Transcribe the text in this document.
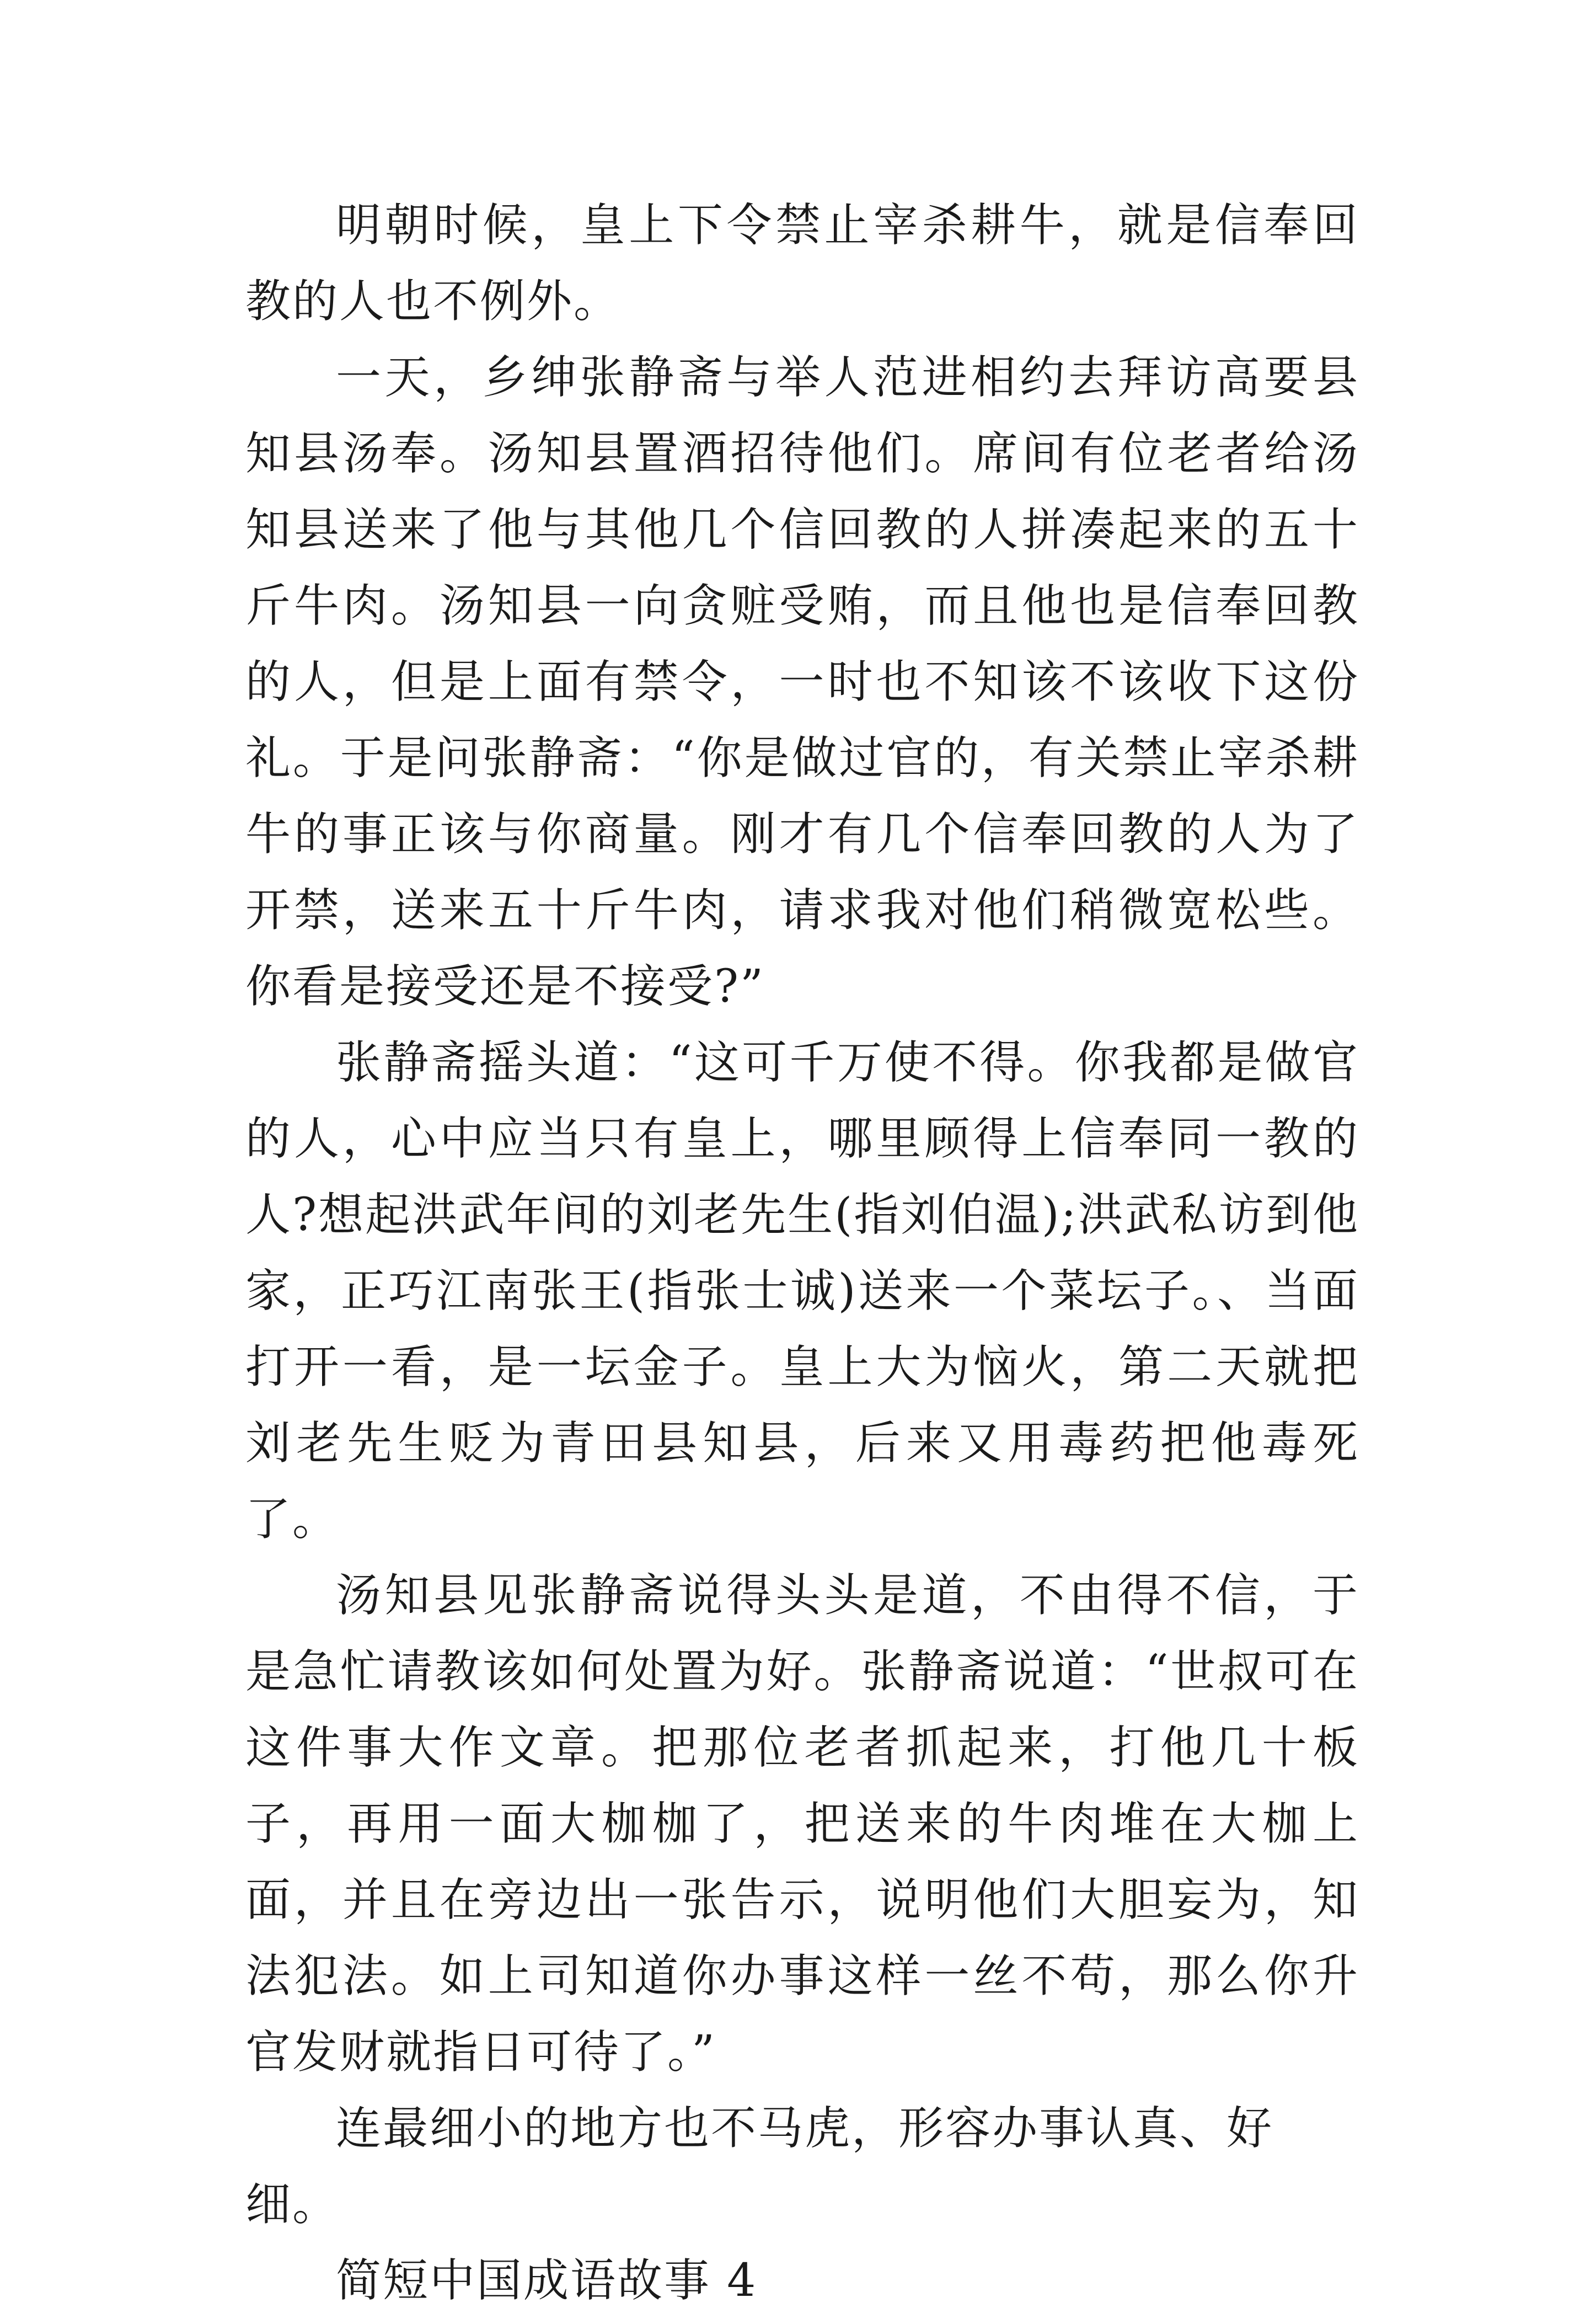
明朝时候，皇上下令禁止宰杀耕牛，就是信奉回教的人也不例外。

一天，乡绅张静斋与举人范进相约去拜访高要县知县汤奉。汤知县置酒招待他们。席间有位老者给汤知县送来了他与其他几个信回教的人拼凑起来的五十斤牛肉。汤知县一向贪赃受贿，而且他也是信奉回教的人，但是上面有禁令，一时也不知该不该收下这份礼。于是问张静斋：“你是做过官的，有关禁止宰杀耕牛的事正该与你商量。刚才有几个信奉回教的人为了开禁，送来五十斤牛肉，请求我对他们稍微宽松些。你看是接受还是不接受?”

张静斋摇头道：“这可千万使不得。你我都是做官的人，心中应当只有皇上，哪里顾得上信奉同一教的人?想起洪武年间的刘老先生(指刘伯温);洪武私访到他家，正巧江南张王(指张士诚)送来一个菜坛子。、当面打开一看，是一坛金子。皇上大为恼火，第二天就把刘老先生贬为青田县知县，后来又用毒药把他毒死了。

汤知县见张静斋说得头头是道，不由得不信，于是急忙请教该如何处置为好。张静斋说道：“世叔可在这件事大作文章。把那位老者抓起来，打他几十板子，再用一面大枷枷了，把送来的牛肉堆在大枷上面，并且在旁边出一张告示，说明他们大胆妄为，知法犯法。如上司知道你办事这样一丝不苟，那么你升官发财就指日可待了。”

连最细小的地方也不马虎，形容办事认真、好细。

简短中国成语故事 4
